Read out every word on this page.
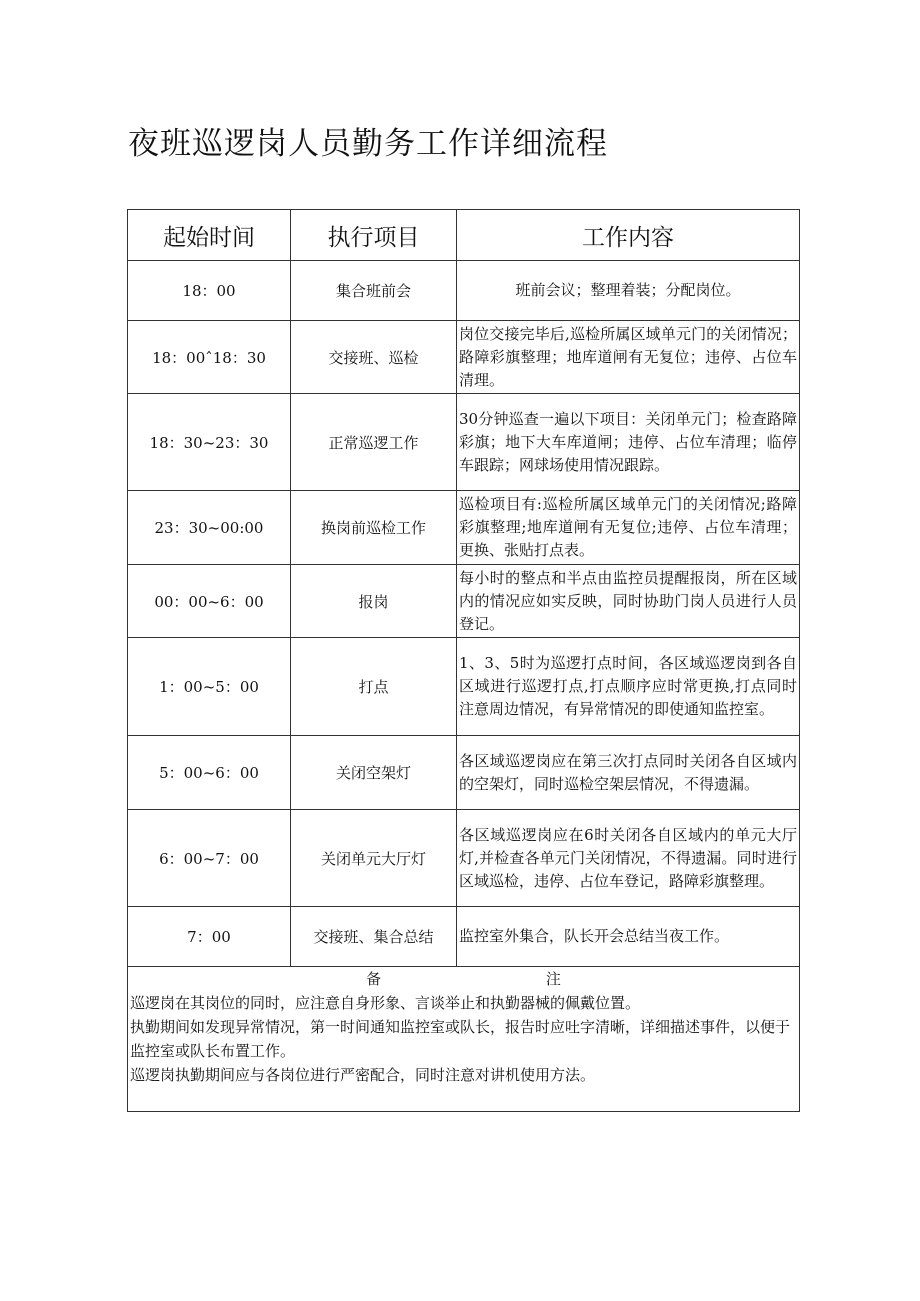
夜班巡逻岗人员勤务工作详细流程
起始时间	执行项目	工作内容
18：00	集合班前会	班前会议；整理着装；分配岗位。
18：00ˆ18：30	交接班、巡检	岗位交接完毕后,巡检所属区域单元门的关闭情况；路障彩旗整理；地库道闸有无复位；违停、占位车清理。
18：30~23：30	正常巡逻工作	30分钟巡查一遍以下项目：关闭单元门；检查路障彩旗；地下大车库道闸；违停、占位车清理；临停车跟踪；网球场使用情况跟踪。
23：30~00:00	换岗前巡检工作	巡检项目有:巡检所属区域单元门的关闭情况;路障彩旗整理;地库道闸有无复位;违停、占位车清理；更换、张贴打点表。
00：00~6：00	报岗	每小时的整点和半点由监控员提醒报岗，所在区域内的情况应如实反映，同时协助门岗人员进行人员登记。
1：00~5：00	打点	1、3、5时为巡逻打点时间，各区域巡逻岗到各自区域进行巡逻打点,打点顺序应时常更换,打点同时注意周边情况，有异常情况的即使通知监控室。
5：00~6：00	关闭空架灯	各区域巡逻岗应在第三次打点同时关闭各自区域内的空架灯，同时巡检空架层情况，不得遗漏。
6：00~7：00	关闭单元大厅灯	各区域巡逻岗应在6时关闭各自区域内的单元大厅灯,并检查各单元门关闭情况，不得遗漏。同时进行区域巡检，违停、占位车登记，路障彩旗整理。
7：00	交接班、集合总结	监控室外集合，队长开会总结当夜工作。

备 注
巡逻岗在其岗位的同时，应注意自身形象、言谈举止和执勤器械的佩戴位置。
执勤期间如发现异常情况，第一时间通知监控室或队长，报告时应吐字清晰，详细描述事件，以便于监控室或队长布置工作。
巡逻岗执勤期间应与各岗位进行严密配合，同时注意对讲机使用方法。		
